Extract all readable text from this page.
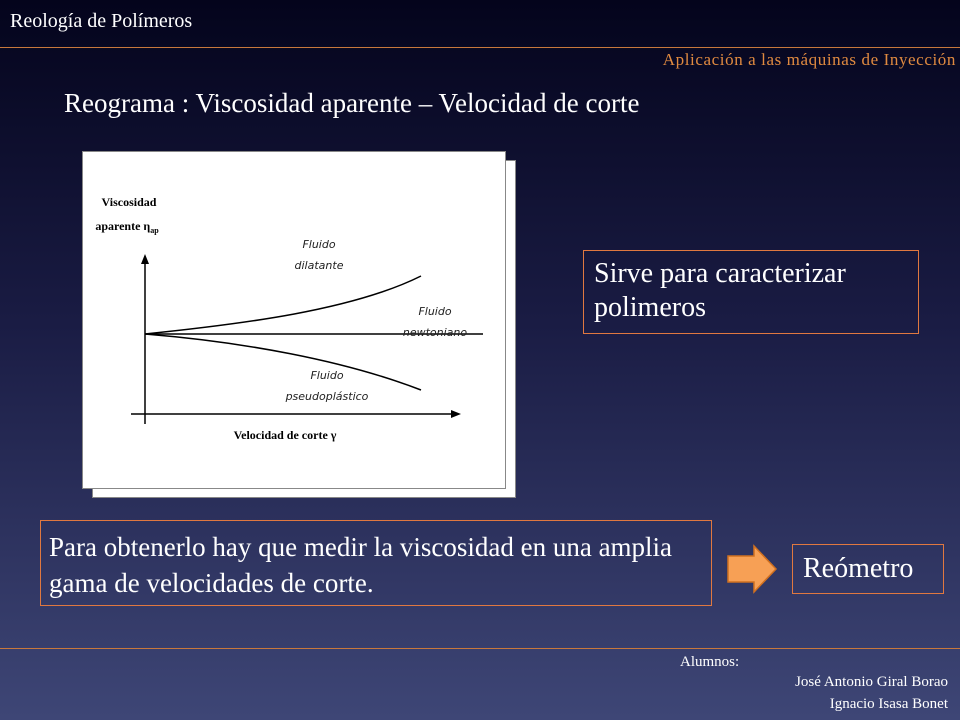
Reología de Polímeros
Aplicación a las máquinas de Inyección
Reograma : Viscosidad aparente – Velocidad de corte
Viscosidad
aparente $\eta_{ap}$
Velocidad de corte γ
Fluido
dilatante
Fluido
newtoniano
Fluido
pseudoplástico
Sirve para caracterizar polimeros
Para obtenerlo hay que medir la viscosidad en una amplia gama de velocidades de corte.	Reómetro
Alumnos:
José Antonio Giral Borao
Ignacio Isasa Bonet
